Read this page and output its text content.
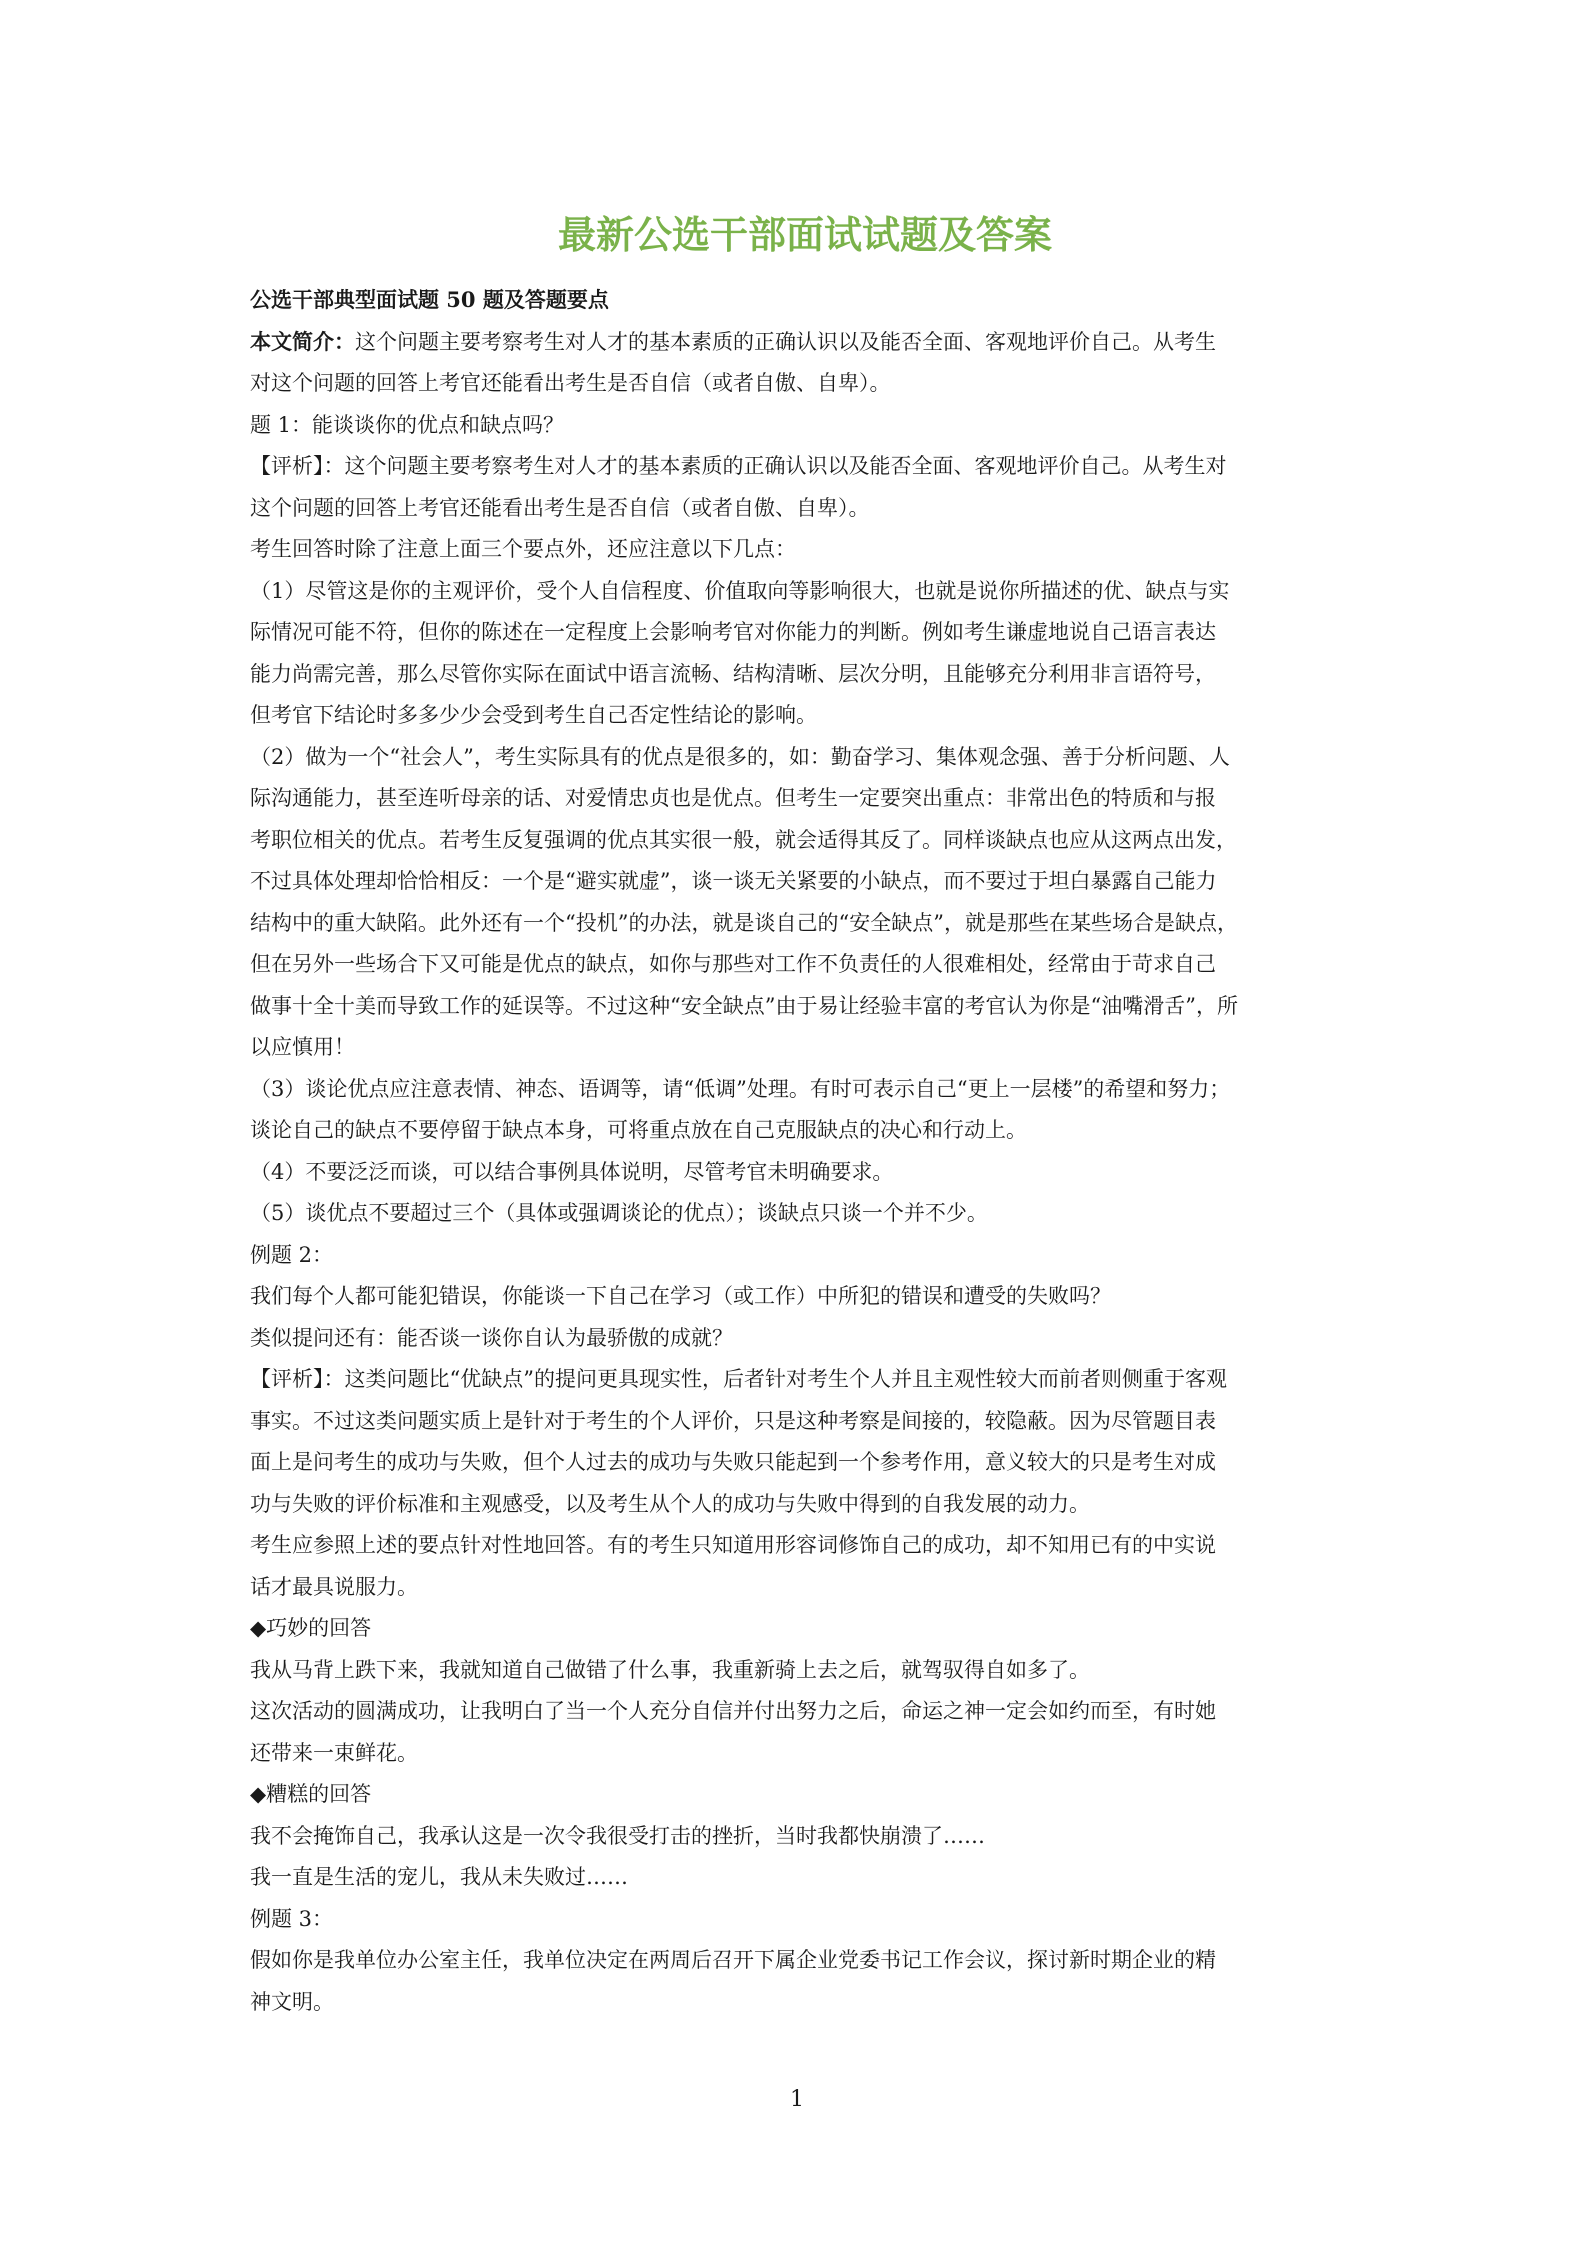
最新公选干部面试试题及答案

公选干部典型面试题 50 题及答题要点

本文简介：这个问题主要考察考生对人才的基本素质的正确认识以及能否全面、客观地评价自己。从考生

对这个问题的回答上考官还能看出考生是否自信（或者自傲、自卑）。

题 1：能谈谈你的优点和缺点吗？

【评析】：这个问题主要考察考生对人才的基本素质的正确认识以及能否全面、客观地评价自己。从考生对

这个问题的回答上考官还能看出考生是否自信（或者自傲、自卑）。

考生回答时除了注意上面三个要点外，还应注意以下几点：

（1）尽管这是你的主观评价，受个人自信程度、价值取向等影响很大，也就是说你所描述的优、缺点与实

际情况可能不符，但你的陈述在一定程度上会影响考官对你能力的判断。例如考生谦虚地说自己语言表达

能力尚需完善，那么尽管你实际在面试中语言流畅、结构清晰、层次分明，且能够充分利用非言语符号，

但考官下结论时多多少少会受到考生自己否定性结论的影响。

（2）做为一个“社会人”，考生实际具有的优点是很多的，如：勤奋学习、集体观念强、善于分析问题、人

际沟通能力，甚至连听母亲的话、对爱情忠贞也是优点。但考生一定要突出重点：非常出色的特质和与报

考职位相关的优点。若考生反复强调的优点其实很一般，就会适得其反了。同样谈缺点也应从这两点出发，

不过具体处理却恰恰相反：一个是“避实就虚”，谈一谈无关紧要的小缺点，而不要过于坦白暴露自己能力

结构中的重大缺陷。此外还有一个“投机”的办法，就是谈自己的“安全缺点”，就是那些在某些场合是缺点，

但在另外一些场合下又可能是优点的缺点，如你与那些对工作不负责任的人很难相处，经常由于苛求自己

做事十全十美而导致工作的延误等。不过这种“安全缺点”由于易让经验丰富的考官认为你是“油嘴滑舌”，所

以应慎用！

（3）谈论优点应注意表情、神态、语调等，请“低调”处理。有时可表示自己“更上一层楼”的希望和努力；

谈论自己的缺点不要停留于缺点本身，可将重点放在自己克服缺点的决心和行动上。

（4）不要泛泛而谈，可以结合事例具体说明，尽管考官未明确要求。

（5）谈优点不要超过三个（具体或强调谈论的优点）；谈缺点只谈一个并不少。

例题 2：

我们每个人都可能犯错误，你能谈一下自己在学习（或工作）中所犯的错误和遭受的失败吗？

类似提问还有：能否谈一谈你自认为最骄傲的成就？

【评析】：这类问题比“优缺点”的提问更具现实性，后者针对考生个人并且主观性较大而前者则侧重于客观

事实。不过这类问题实质上是针对于考生的个人评价，只是这种考察是间接的，较隐蔽。因为尽管题目表

面上是问考生的成功与失败，但个人过去的成功与失败只能起到一个参考作用，意义较大的只是考生对成

功与失败的评价标准和主观感受，以及考生从个人的成功与失败中得到的自我发展的动力。

考生应参照上述的要点针对性地回答。有的考生只知道用形容词修饰自己的成功，却不知用已有的中实说

话才最具说服力。

◆巧妙的回答

我从马背上跌下来，我就知道自己做错了什么事，我重新骑上去之后，就驾驭得自如多了。

这次活动的圆满成功，让我明白了当一个人充分自信并付出努力之后，命运之神一定会如约而至，有时她

还带来一束鲜花。

◆糟糕的回答

我不会掩饰自己，我承认这是一次令我很受打击的挫折，当时我都快崩溃了……

我一直是生活的宠儿，我从未失败过……

例题 3：

假如你是我单位办公室主任，我单位决定在两周后召开下属企业党委书记工作会议，探讨新时期企业的精

神文明。

1
